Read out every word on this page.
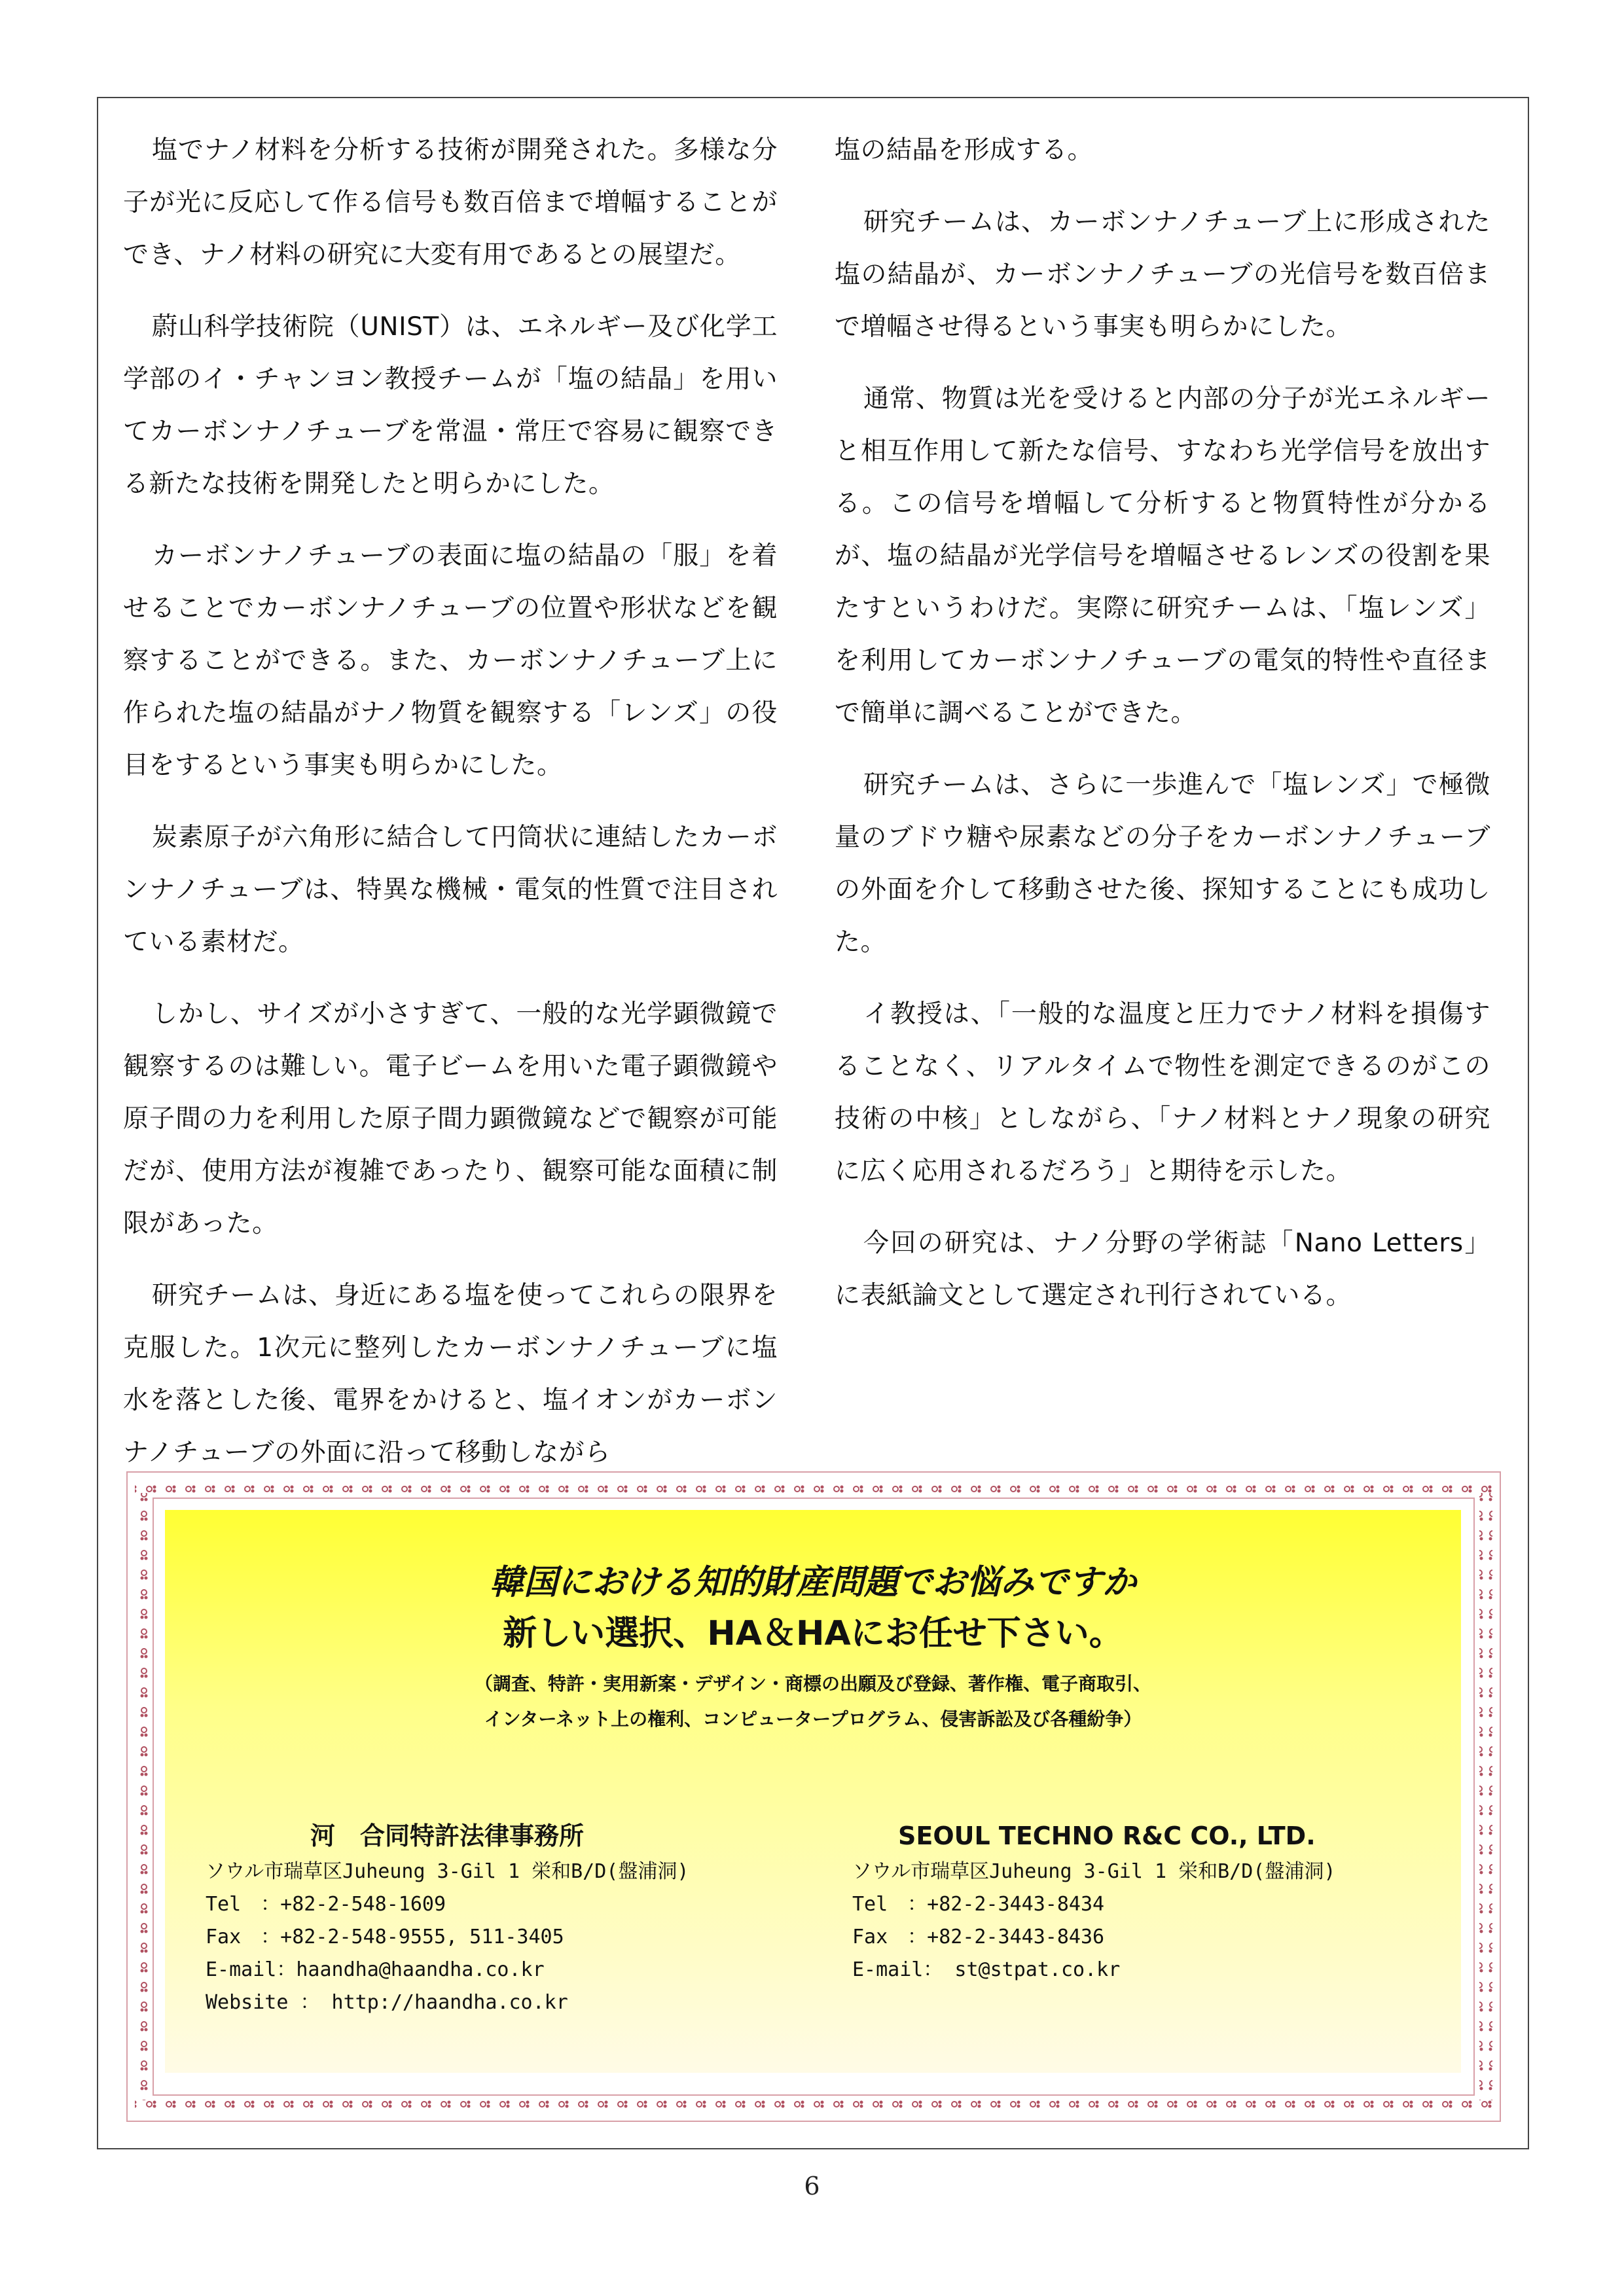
塩でナノ材料を分析する技術が開発された。多様な分子が光に反応して作る信号も数百倍まで増幅することができ、ナノ材料の研究に大変有用であるとの展望だ。

蔚山科学技術院（UNIST）は、エネルギー及び化学工学部のイ・チャンヨン教授チームが「塩の結晶」を用いてカーボンナノチューブを常温・常圧で容易に観察できる新たな技術を開発したと明らかにした。

カーボンナノチューブの表面に塩の結晶の「服」を着せることでカーボンナノチューブの位置や形状などを観察することができる。また、カーボンナノチューブ上に作られた塩の結晶がナノ物質を観察する「レンズ」の役目をするという事実も明らかにした。

炭素原子が六角形に結合して円筒状に連結したカーボンナノチューブは、特異な機械・電気的性質で注目されている素材だ。

しかし、サイズが小さすぎて、一般的な光学顕微鏡で観察するのは難しい。電子ビームを用いた電子顕微鏡や原子間の力を利用した原子間力顕微鏡などで観察が可能だが、使用方法が複雑であったり、観察可能な面積に制限があった。

研究チームは、身近にある塩を使ってこれらの限界を克服した。1次元に整列したカーボンナノチューブに塩水を落とした後、電界をかけると、塩イオンがカーボンナノチューブの外面に沿って移動しながら

塩の結晶を形成する。

研究チームは、カーボンナノチューブ上に形成された塩の結晶が、カーボンナノチューブの光信号を数百倍まで増幅させ得るという事実も明らかにした。

通常、物質は光を受けると内部の分子が光エネルギーと相互作用して新たな信号、すなわち光学信号を放出する。この信号を増幅して分析すると物質特性が分かるが、塩の結晶が光学信号を増幅させるレンズの役割を果たすというわけだ。実際に研究チームは、「塩レンズ」を利用してカーボンナノチューブの電気的特性や直径まで簡単に調べることができた。

研究チームは、さらに一歩進んで「塩レンズ」で極微量のブドウ糖や尿素などの分子をカーボンナノチューブの外面を介して移動させた後、探知することにも成功した。

イ教授は、「一般的な温度と圧力でナノ材料を損傷することなく、リアルタイムで物性を測定できるのがこの技術の中核」としながら、「ナノ材料とナノ現象の研究に広く応用されるだろう」と期待を示した。

今回の研究は、ナノ分野の学術誌「Nano Letters」に表紙論文として選定され刊行されている。

韓国における知的財産問題でお悩みですか
新しい選択、HA＆HAにお任せ下さい。
（調査、特許・実用新案・デザイン・商標の出願及び登録、著作権、電子商取引、
インターネット上の権利、コンピュータープログラム、侵害訴訟及び各種紛争）
河　合同特許法律事務所
ソウル市瑞草区Juheung 3-Gil 1 栄和B/D(盤浦洞)
Tel　：+82-2-548-1609
Fax　：+82-2-548-9555, 511-3405
E-mail：haandha@haandha.co.kr
Website ： http://haandha.co.kr
SEOUL TECHNO R&C CO., LTD.
ソウル市瑞草区Juheung 3-Gil 1 栄和B/D(盤浦洞)
Tel　：+82-2-3443-8434
Fax　：+82-2-3443-8436
E-mail： st@stpat.co.kr
6
